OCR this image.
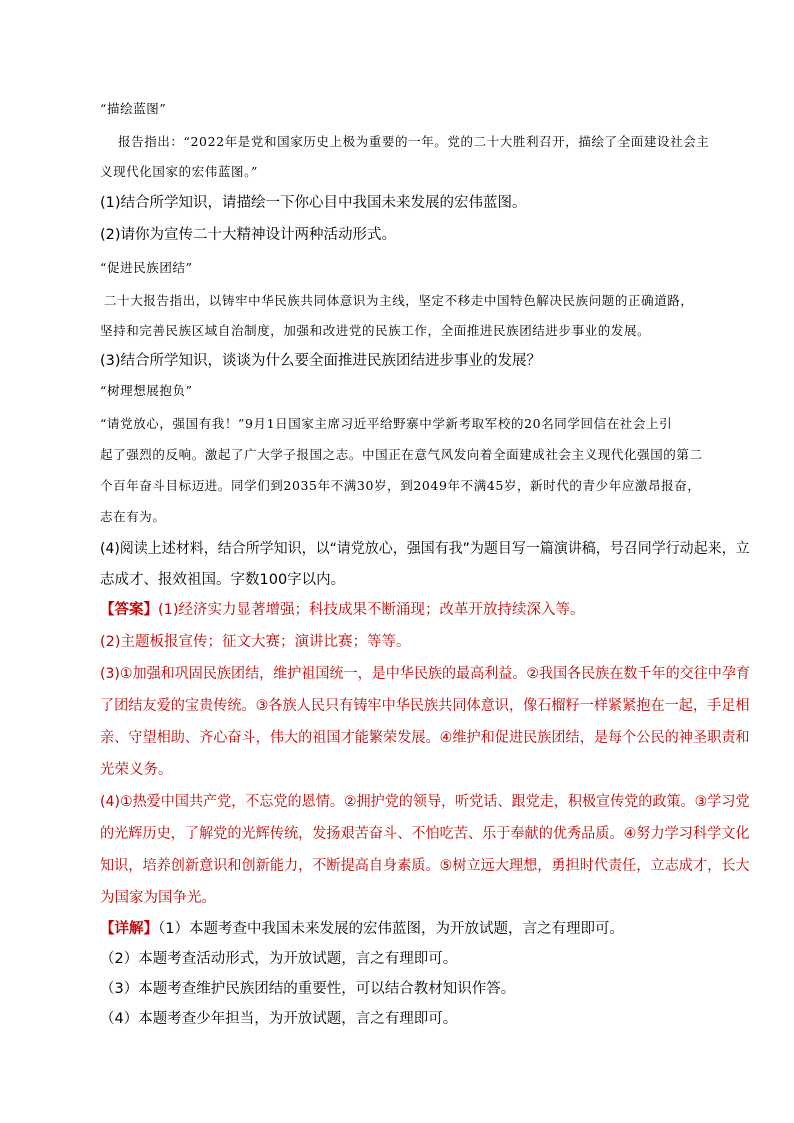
“描绘蓝图”
报告指出：“2022年是党和国家历史上极为重要的一年。党的二十大胜利召开，描绘了全面建设社会主
义现代化国家的宏伟蓝图。”
(1)结合所学知识，请描绘一下你心目中我国未来发展的宏伟蓝图。
(2)请你为宣传二十大精神设计两种活动形式。
“促进民族团结”
二十大报告指出，以铸牢中华民族共同体意识为主线，坚定不移走中国特色解决民族问题的正确道路，
坚持和完善民族区域自治制度，加强和改进党的民族工作，全面推进民族团结进步事业的发展。
(3)结合所学知识，谈谈为什么要全面推进民族团结进步事业的发展？
“树理想展抱负”
“请党放心，强国有我！”9月1日国家主席习近平给野寨中学新考取军校的20名同学回信在社会上引
起了强烈的反响。激起了广大学子报国之志。中国正在意气风发向着全面建成社会主义现代化强国的第二
个百年奋斗目标迈进。同学们到2035年不满30岁，到2049年不满45岁，新时代的青少年应激昂报奋，
志在有为。
(4)阅读上述材料，结合所学知识，以“请党放心，强国有我”为题目写一篇演讲稿，号召同学行动起来，立
志成才、报效祖国。字数100字以内。
【答案】(1)经济实力显著增强；科技成果不断涌现；改革开放持续深入等。
(2)主题板报宣传；征文大赛；演讲比赛；等等。
(3)①加强和巩固民族团结，维护祖国统一，是中华民族的最高利益。②我国各民族在数千年的交往中孕育
了团结友爱的宝贵传统。③各族人民只有铸牢中华民族共同体意识，像石榴籽一样紧紧抱在一起，手足相
亲、守望相助、齐心奋斗，伟大的祖国才能繁荣发展。④维护和促进民族团结，是每个公民的神圣职责和
光荣义务。
(4)①热爱中国共产党，不忘党的恩情。②拥护党的领导，听党话、跟党走，积极宣传党的政策。③学习党
的光辉历史，了解党的光辉传统，发扬艰苦奋斗、不怕吃苦、乐于奉献的优秀品质。④努力学习科学文化
知识，培养创新意识和创新能力，不断提高自身素质。⑤树立远大理想，勇担时代责任，立志成才，长大
为国家为国争光。
【详解】（1）本题考查中我国未来发展的宏伟蓝图，为开放试题，言之有理即可。
（2）本题考查活动形式，为开放试题，言之有理即可。
（3）本题考查维护民族团结的重要性，可以结合教材知识作答。
（4）本题考查少年担当，为开放试题，言之有理即可。
